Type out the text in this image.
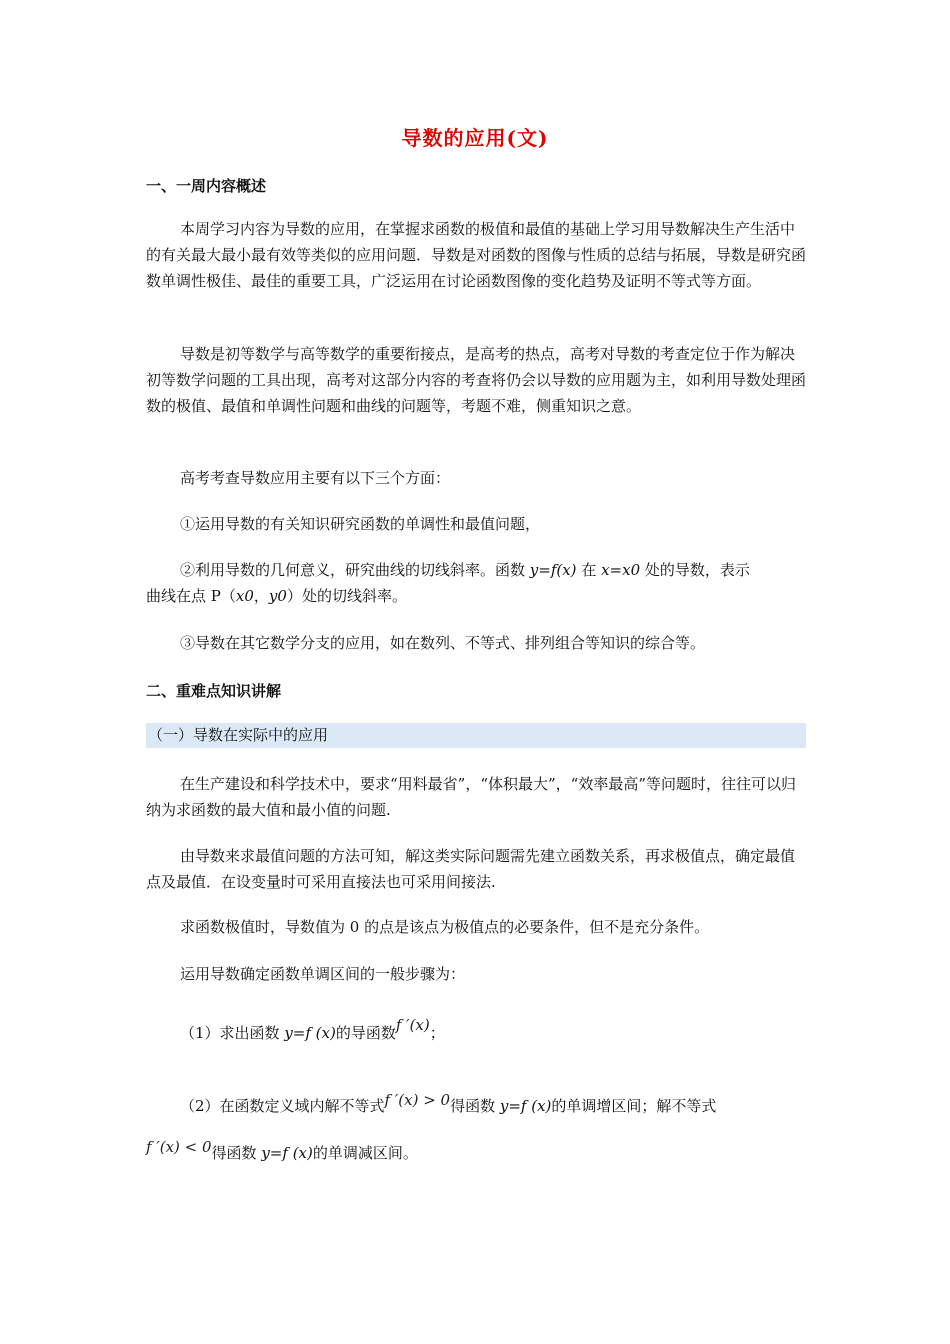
导数的应用(文)
一、一周内容概述
本周学习内容为导数的应用，在掌握求函数的极值和最值的基础上学习用导数解决生产生活中的有关最大最小最有效等类似的应用问题．导数是对函数的图像与性质的总结与拓展，导数是研究函数单调性极佳、最佳的重要工具，广泛运用在讨论函数图像的变化趋势及证明不等式等方面。
导数是初等数学与高等数学的重要衔接点，是高考的热点，高考对导数的考查定位于作为解决初等数学问题的工具出现，高考对这部分内容的考查将仍会以导数的应用题为主，如利用导数处理函数的极值、最值和单调性问题和曲线的问题等，考题不难，侧重知识之意。
高考考查导数应用主要有以下三个方面：
①运用导数的有关知识研究函数的单调性和最值问题，
②利用导数的几何意义，研究曲线的切线斜率。函数 y=f(x) 在 x=x0 处的导数，表示
曲线在点 P（x0，y0）处的切线斜率。
③导数在其它数学分支的应用，如在数列、不等式、排列组合等知识的综合等。
二、重难点知识讲解
（一）导数在实际中的应用
在生产建设和科学技术中，要求“用料最省”，“体积最大”，“效率最高”等问题时，往往可以归纳为求函数的最大值和最小值的问题.
由导数来求最值问题的方法可知，解这类实际问题需先建立函数关系，再求极值点，确定最值点及最值．在设变量时可采用直接法也可采用间接法.
求函数极值时，导数值为 0 的点是该点为极值点的必要条件，但不是充分条件。
运用导数确定函数单调区间的一般步骤为：
（1）求出函数 y=f (x)的导函数f ′(x)；
（2）在函数定义域内解不等式f ′(x) > 0得函数 y=f (x)的单调增区间；解不等式
f ′(x) < 0得函数 y=f (x)的单调减区间。
